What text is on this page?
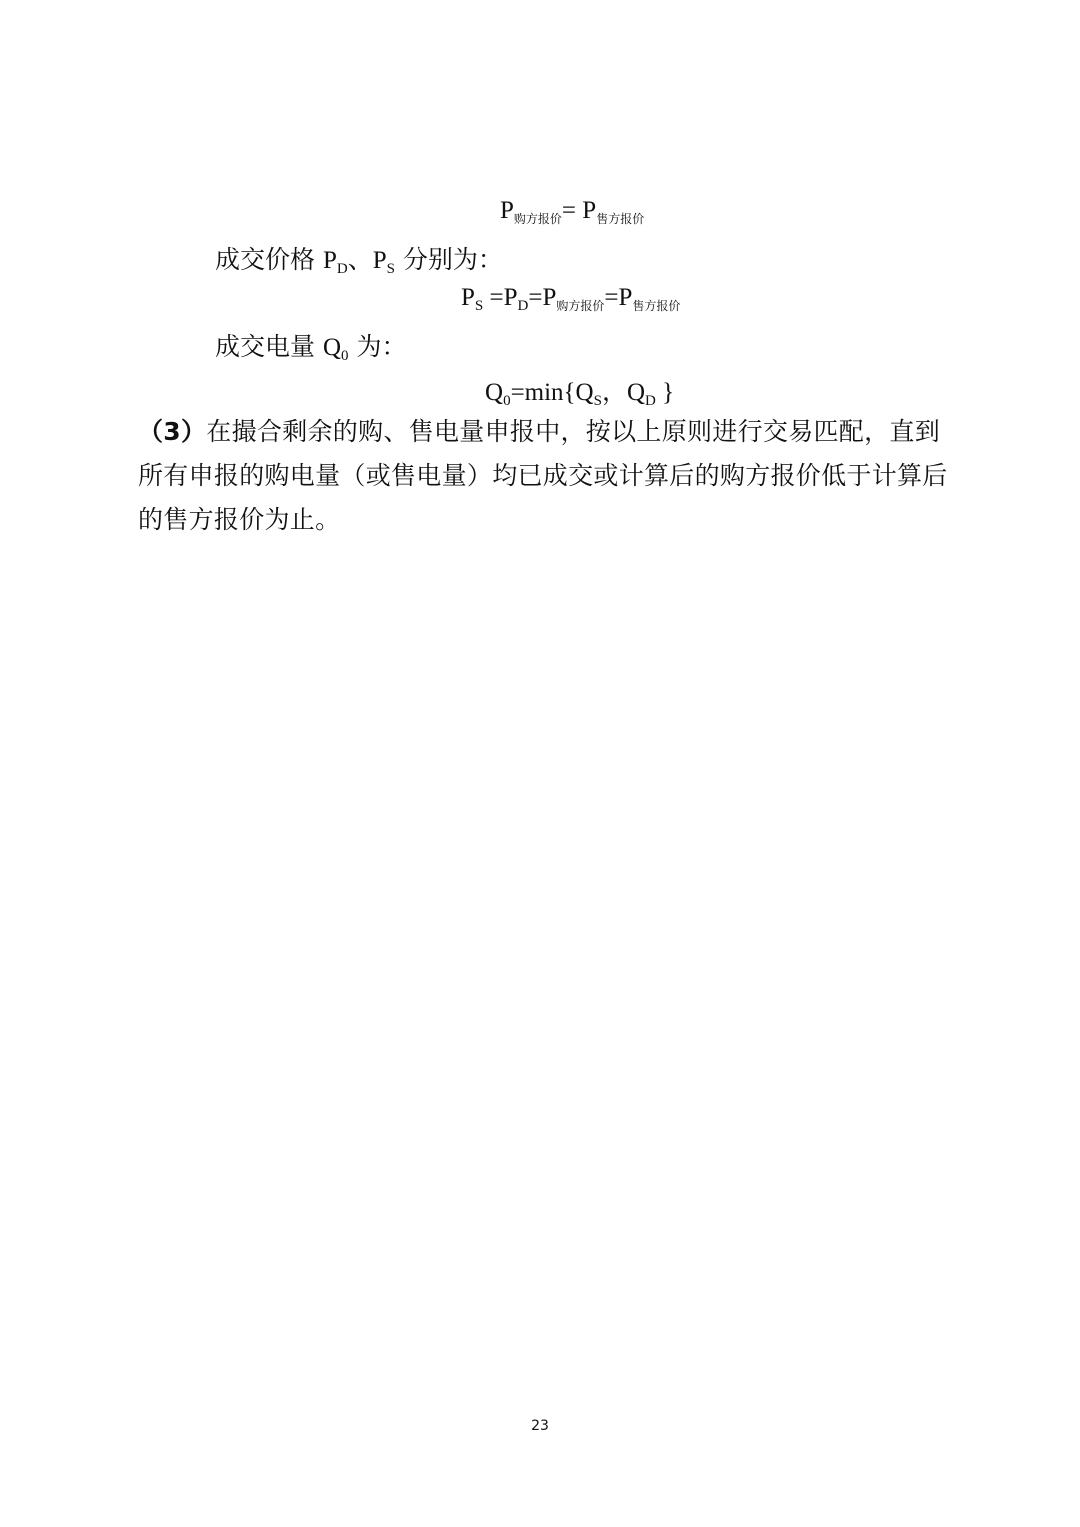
$P_{购方报价}= P_{售方报价}$
成交价格 $P_D$、$P_S$ 分别为：
$P_S =P_D=P_{购方报价}=P_{售方报价}$
成交电量 $Q_0$ 为：
$Q_0=\min\{Q_S$，$Q_D$ }
（3）在撮合剩余的购、售电量申报中，按以上原则进行交易匹配，直到所有申报的购电量（或售电量）均已成交或计算后的购方报价低于计算后的售方报价为止。
23
